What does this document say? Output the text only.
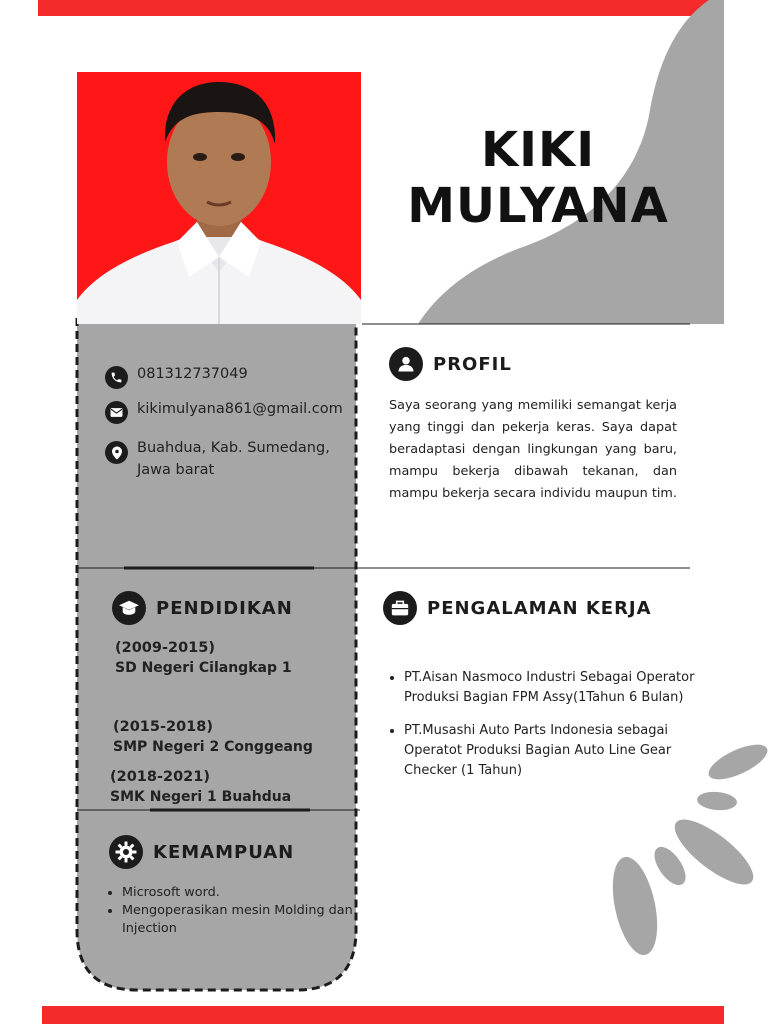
KIKI
MULYANA
081312737049
kikimulyana861@gmail.com
Buahdua, Kab. Sumedang,
Jawa barat
PROFIL
Saya seorang yang memiliki semangat kerja yang tinggi dan pekerja keras. Saya dapat beradaptasi dengan lingkungan yang baru, mampu bekerja dibawah tekanan, dan mampu bekerja secara individu maupun tim.
PENDIDIKAN
(2009-2015)
SD Negeri Cilangkap 1
(2015-2018)
SMP Negeri 2 Conggeang
(2018-2021)
SMK Negeri 1 Buahdua
PENGALAMAN KERJA
• PT.Aisan Nasmoco Industri Sebagai Operator Produksi Bagian FPM Assy(1Tahun 6 Bulan)
• PT.Musashi Auto Parts Indonesia sebagai Operatot Produksi Bagian Auto Line Gear Checker (1 Tahun)
KEMAMPUAN
• Microsoft word.
• Mengoperasikan mesin Molding dan Injection
